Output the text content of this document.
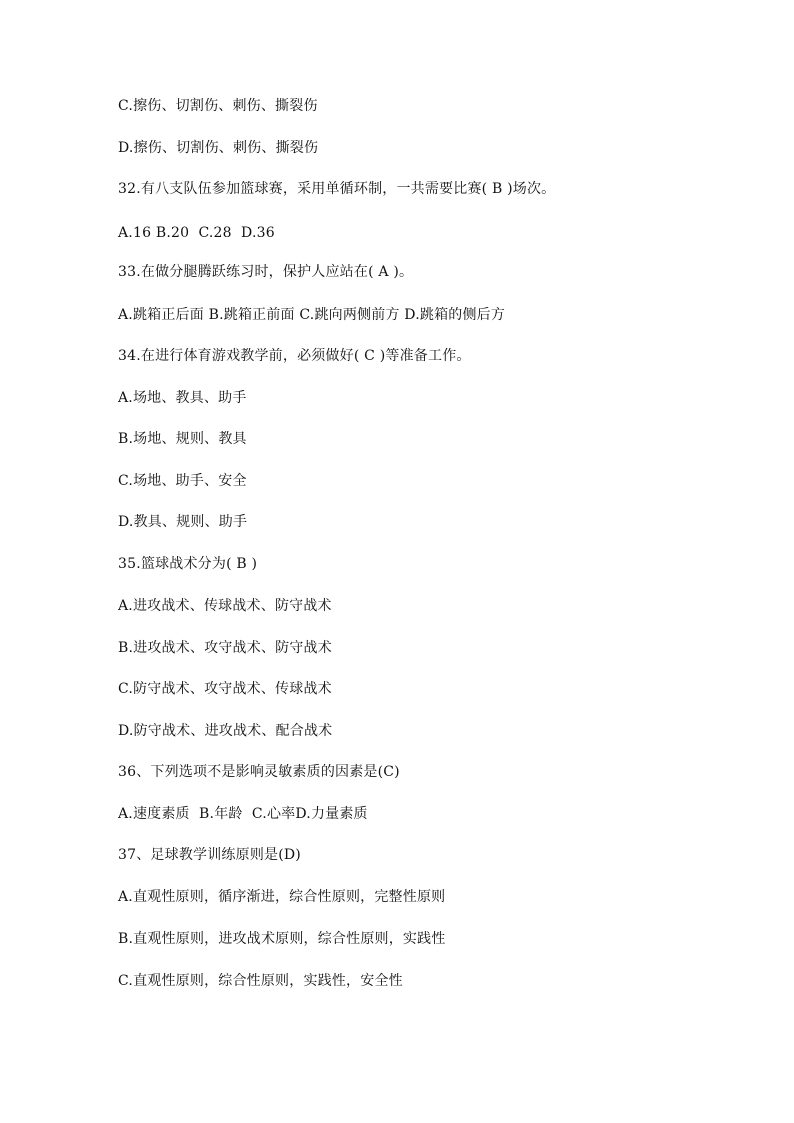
C.擦伤、切割伤、刺伤、撕裂伤
D.擦伤、切割伤、刺伤、撕裂伤
32.有八支队伍参加篮球赛，采用单循环制，一共需要比赛( B )场次。
A.16 B.20  C.28  D.36
33.在做分腿腾跃练习时，保护人应站在( A )。
A.跳箱正后面 B.跳箱正前面 C.跳向两侧前方 D.跳箱的侧后方
34.在进行体育游戏教学前，必须做好( C )等准备工作。
A.场地、教具、助手
B.场地、规则、教具
C.场地、助手、安全
D.教具、规则、助手
35.篮球战术分为( B )
A.进攻战术、传球战术、防守战术
B.进攻战术、攻守战术、防守战术
C.防守战术、攻守战术、传球战术
D.防守战术、进攻战术、配合战术
36、下列选项不是影响灵敏素质的因素是(C)
A.速度素质  B.年龄  C.心率D.力量素质
37、足球教学训练原则是(D)
A.直观性原则，循序渐进，综合性原则，完整性原则
B.直观性原则，进攻战术原则，综合性原则，实践性
C.直观性原则，综合性原则，实践性，安全性
